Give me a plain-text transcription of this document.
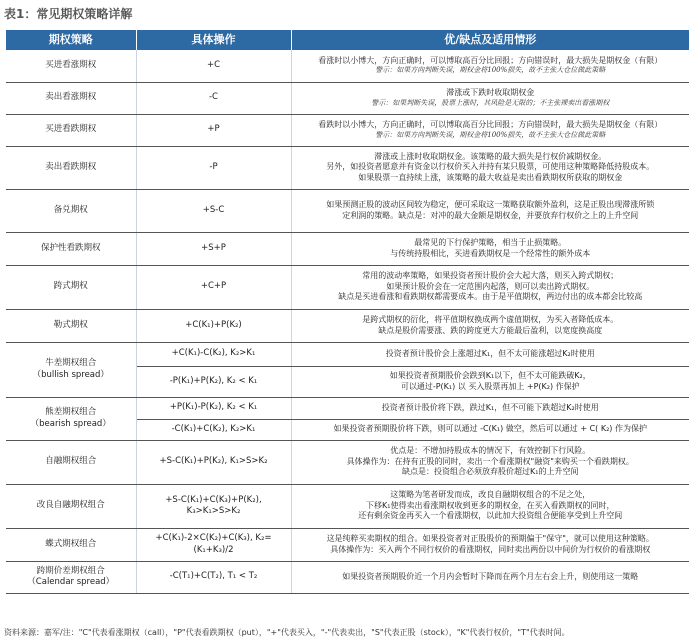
表1：常见期权策略详解
期权策略	具体操作	优/缺点及适用情形

买进看涨期权	+C	看涨时以小博大，方向正确时，可以博取高百分比回报；方向错误时，最大损失是期权金（有限）
警示：如果方向判断失误，期权金将100%损失，故不主张大仓位做此策略

卖出看涨期权	-C	滞涨或下跌时收取期权金
警示：如果判断失误，股票上涨时，其风险是无限的；不主张裸卖出看涨期权

买进看跌期权	+P	看跌时以小博大，方向正确时，可以博取高百分比回报；方向错误时，最大损失是期权金（有限）
警示：如果方向判断失误，期权金将100%损失，故不主张大仓位做此策略

卖出看跌期权	-P	滞涨或上涨时收取期权金。该策略的最大损失是行权价减期权金。
另外，如投资者愿意并有资金以行权价买入并持有某只股票，可使用这种策略降低持股成本。
如果股票一直持续上涨，该策略的最大收益是卖出看跌期权所获取的期权金

备兑期权	+S-C	如果预测正股的波动区间较为稳定，便可采取这一策略获取额外盈利，这是正股出现滞涨所锁
定利润的策略。缺点是：对冲的最大金额是期权金，并要放弃行权价之上的上升空间

保护性看跌期权	+S+P	最常见的下行保护策略，相当于止损策略。
与传统持股相比，买进看跌期权是一个经常性的额外成本

跨式期权	+C+P	常用的波动率策略，如果投资者预计股价会大起大落，则买入跨式期权；
如果预计股价会在一定范围内起落，则可以卖出跨式期权。
缺点是买进看涨和看跌期权都需要成本。由于是平值期权，两边付出的成本都会比较高

勒式期权	+C(K₁)+P(K₂)	是跨式期权的衍化，将平值期权换成两个虚值期权，为买入者降低成本。
缺点是股价需要涨、跌的跨度更大方能最后盈利，以宽度换高度

牛差期权组合
（bullish spread）	+C(K₁)-C(K₂), K₂>K₁	投资者预计股价会上涨超过K₁，但不太可能涨超过K₂时使用

	-P(K₁)+P(K₂), K₂ < K₁	如果投资者预期股价会跌到K₁以下，但不太可能跌破K₂，
可以通过-P(K₁) 以 买入股票再加上 +P(K₂) 作保护

熊差期权组合
（bearish spread）	+P(K₁)-P(K₂), K₂ < K₁	投资者预计股价将下跌，跌过K₁，但不可能下跌超过K₂时使用

	-C(K₁)+C(K₂), K₂>K₁	如果投资者预期股价将下跌，则可以通过 -C(K₁) 做空，然后可以通过 + C( K₂) 作为保护

自融期权组合	+S-C(K₁)+P(K₂), K₁>S>K₂	优点是：不增加持股成本的情况下，有效控制下行风险。
具体操作为：在持有正股的同时，卖出一个看涨期权"融资"来购买一个看跌期权。
缺点是：投资组合必须放弃股价超过K₁的上升空间

改良自融期权组合	+S-C(K₁)+C(K₃)+P(K₂), K₃>K₁>S>K₂	这策略为笔者研发而成，改良自融期权组合的不足之处，
下移K₁使得卖出看涨期权收到更多的期权金，在买入看跌期权的同时，
还有剩余资金再买入一个看涨期权，以此加大投资组合便能享受到上升空间

蝶式期权组合	+C(K₁)-2×C(K₂)+C(K₃), K₂=(K₁+K₃)/2	这是纯粹买卖期权的组合。如果投资者对正股股价的预期偏于"保守"，就可以使用这种策略。
具体操作为：买入两个不同行权价的看涨期权，同时卖出两份以中间价为行权价的看涨期权

跨期价差期权组合
（Calendar spread）	-C(T₁)+C(T₂), T₁ < T₂	如果投资者预期股价近一个月内会暂时下降而在两个月左右会上升，则使用这一策略
资料来源：嘉军/注："C"代表看涨期权（call），"P"代表看跌期权（put），"+"代表买入，"-"代表卖出，"S"代表正股（stock），"K"代表行权价，"T"代表时间。
